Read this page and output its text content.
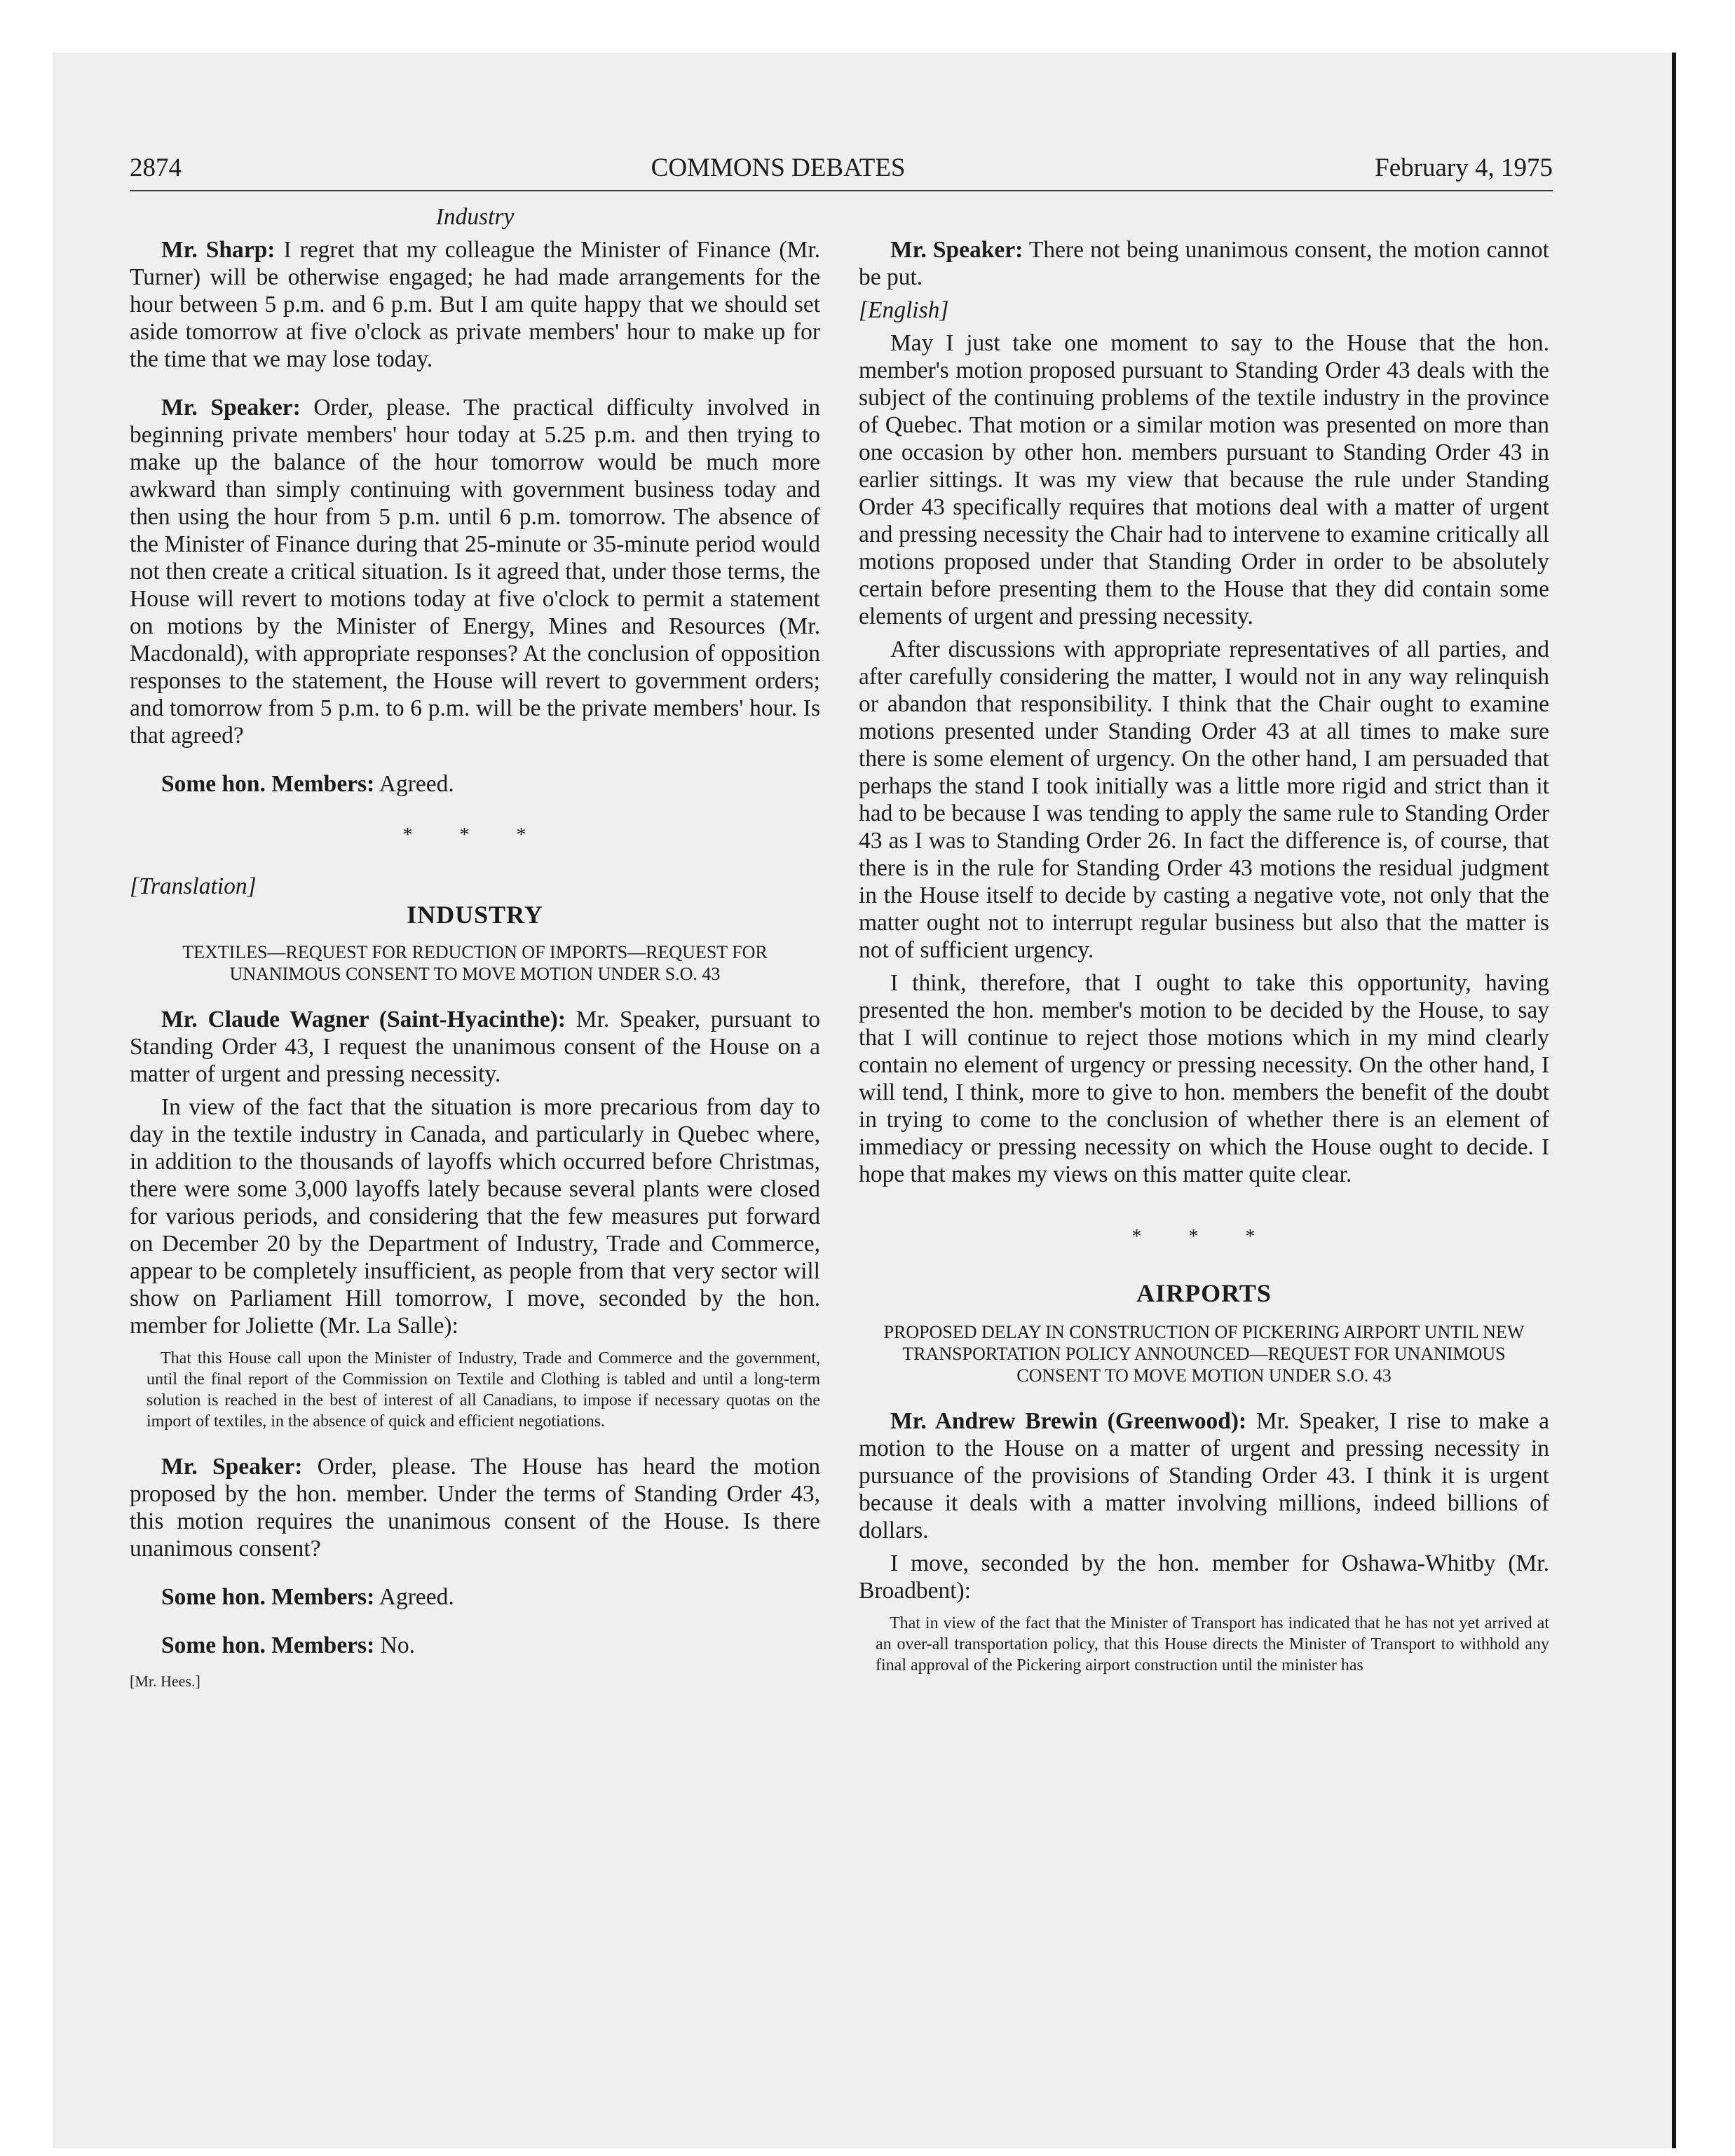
2874	COMMONS DEBATES	February 4, 1975

Industry

Mr. Sharp: I regret that my colleague the Minister of Finance (Mr. Turner) will be otherwise engaged; he had made arrangements for the hour between 5 p.m. and 6 p.m. But I am quite happy that we should set aside tomorrow at five o'clock as private members' hour to make up for the time that we may lose today.

Mr. Speaker: Order, please. The practical difficulty involved in beginning private members' hour today at 5.25 p.m. and then trying to make up the balance of the hour tomorrow would be much more awkward than simply continuing with government business today and then using the hour from 5 p.m. until 6 p.m. tomorrow. The absence of the Minister of Finance during that 25-minute or 35-minute period would not then create a critical situation. Is it agreed that, under those terms, the House will revert to motions today at five o'clock to permit a statement on motions by the Minister of Energy, Mines and Resources (Mr. Macdonald), with appropriate responses? At the conclusion of opposition responses to the statement, the House will revert to government orders; and tomorrow from 5 p.m. to 6 p.m. will be the private members' hour. Is that agreed?

Some hon. Members: Agreed.

* * *

[Translation]

INDUSTRY

TEXTILES—REQUEST FOR REDUCTION OF IMPORTS—REQUEST FOR UNANIMOUS CONSENT TO MOVE MOTION UNDER S.O. 43

Mr. Claude Wagner (Saint-Hyacinthe): Mr. Speaker, pursuant to Standing Order 43, I request the unanimous consent of the House on a matter of urgent and pressing necessity.

In view of the fact that the situation is more precarious from day to day in the textile industry in Canada, and particularly in Quebec where, in addition to the thousands of layoffs which occurred before Christmas, there were some 3,000 layoffs lately because several plants were closed for various periods, and considering that the few measures put forward on December 20 by the Department of Industry, Trade and Commerce, appear to be completely insufficient, as people from that very sector will show on Parliament Hill tomorrow, I move, seconded by the hon. member for Joliette (Mr. La Salle):

That this House call upon the Minister of Industry, Trade and Commerce and the government, until the final report of the Commission on Textile and Clothing is tabled and until a long-term solution is reached in the best of interest of all Canadians, to impose if necessary quotas on the import of textiles, in the absence of quick and efficient negotiations.

Mr. Speaker: Order, please. The House has heard the motion proposed by the hon. member. Under the terms of Standing Order 43, this motion requires the unanimous consent of the House. Is there unanimous consent?

Some hon. Members: Agreed.

Some hon. Members: No.

[Mr. Hees.]

Mr. Speaker: There not being unanimous consent, the motion cannot be put.

[English]

May I just take one moment to say to the House that the hon. member's motion proposed pursuant to Standing Order 43 deals with the subject of the continuing problems of the textile industry in the province of Quebec. That motion or a similar motion was presented on more than one occasion by other hon. members pursuant to Standing Order 43 in earlier sittings. It was my view that because the rule under Standing Order 43 specifically requires that motions deal with a matter of urgent and pressing necessity the Chair had to intervene to examine critically all motions proposed under that Standing Order in order to be absolutely certain before presenting them to the House that they did contain some elements of urgent and pressing necessity.

After discussions with appropriate representatives of all parties, and after carefully considering the matter, I would not in any way relinquish or abandon that responsibility. I think that the Chair ought to examine motions presented under Standing Order 43 at all times to make sure there is some element of urgency. On the other hand, I am persuaded that perhaps the stand I took initially was a little more rigid and strict than it had to be because I was tending to apply the same rule to Standing Order 43 as I was to Standing Order 26. In fact the difference is, of course, that there is in the rule for Standing Order 43 motions the residual judgment in the House itself to decide by casting a negative vote, not only that the matter ought not to interrupt regular business but also that the matter is not of sufficient urgency.

I think, therefore, that I ought to take this opportunity, having presented the hon. member's motion to be decided by the House, to say that I will continue to reject those motions which in my mind clearly contain no element of urgency or pressing necessity. On the other hand, I will tend, I think, more to give to hon. members the benefit of the doubt in trying to come to the conclusion of whether there is an element of immediacy or pressing necessity on which the House ought to decide. I hope that makes my views on this matter quite clear.

* * *

AIRPORTS

PROPOSED DELAY IN CONSTRUCTION OF PICKERING AIRPORT UNTIL NEW TRANSPORTATION POLICY ANNOUNCED—REQUEST FOR UNANIMOUS CONSENT TO MOVE MOTION UNDER S.O. 43

Mr. Andrew Brewin (Greenwood): Mr. Speaker, I rise to make a motion to the House on a matter of urgent and pressing necessity in pursuance of the provisions of Standing Order 43. I think it is urgent because it deals with a matter involving millions, indeed billions of dollars.

I move, seconded by the hon. member for Oshawa-Whitby (Mr. Broadbent):

That in view of the fact that the Minister of Transport has indicated that he has not yet arrived at an over-all transportation policy, that this House directs the Minister of Transport to withhold any final approval of the Pickering airport construction until the minister has
